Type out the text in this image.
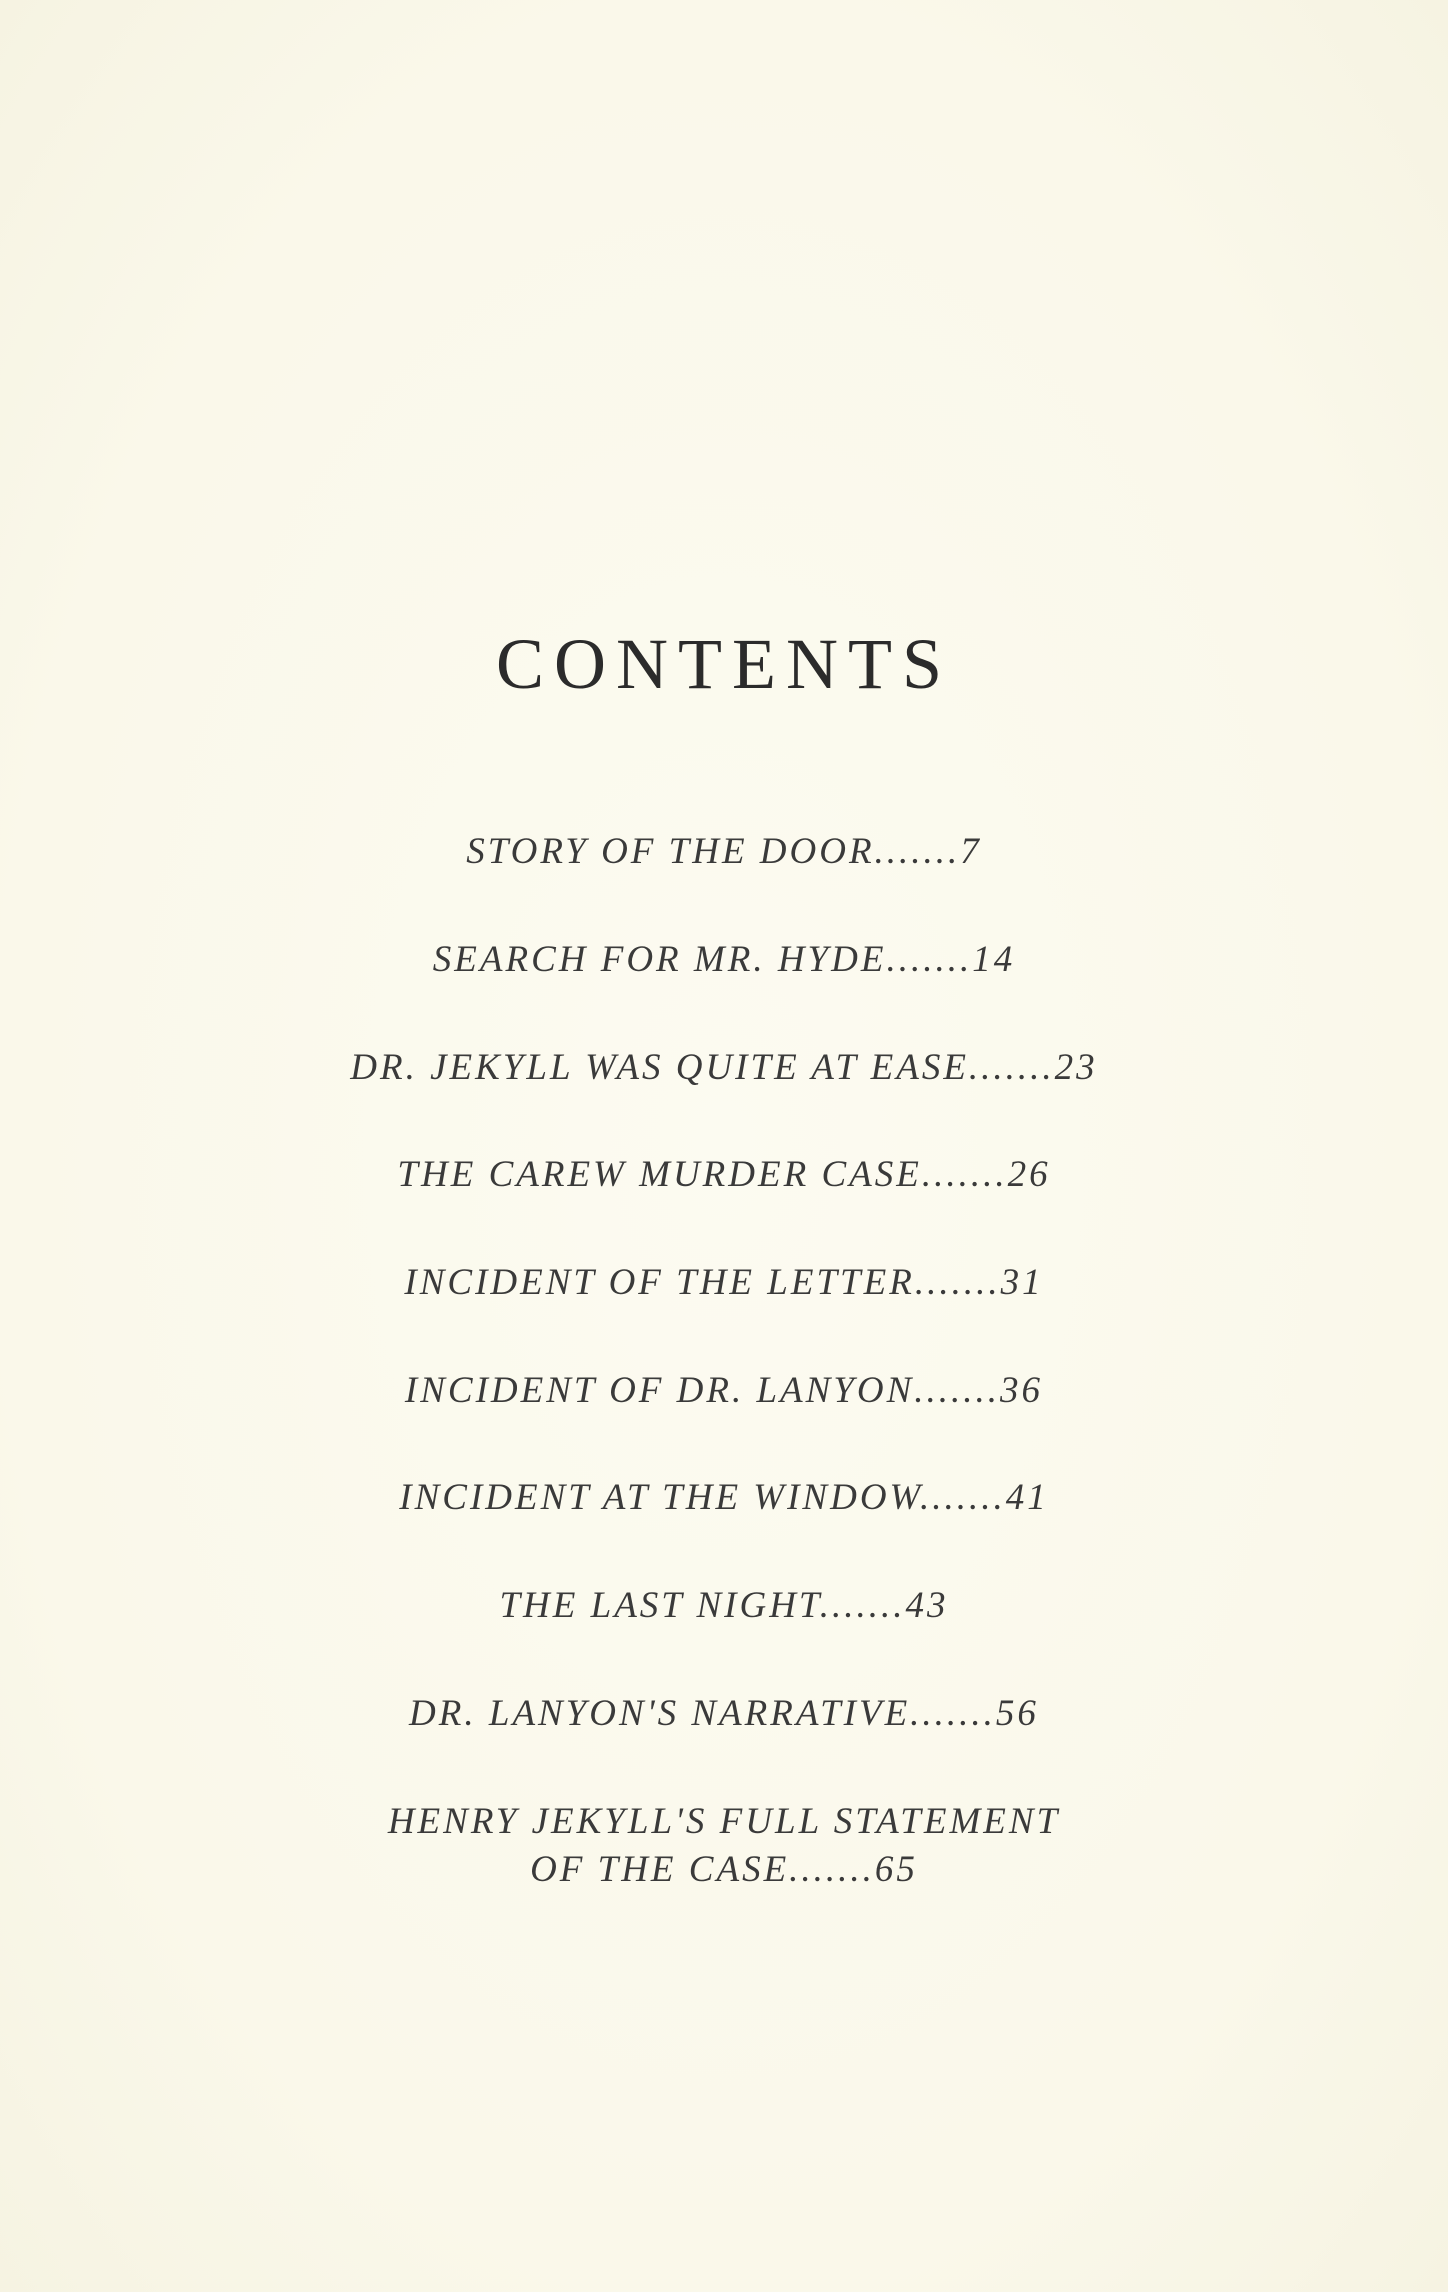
CONTENTS
STORY OF THE DOOR.......7
SEARCH FOR MR. HYDE.......14
DR. JEKYLL WAS QUITE AT EASE.......23
THE CAREW MURDER CASE.......26
INCIDENT OF THE LETTER.......31
INCIDENT OF DR. LANYON.......36
INCIDENT AT THE WINDOW.......41
THE LAST NIGHT.......43
DR. LANYON'S NARRATIVE.......56
HENRY JEKYLL'S FULL STATEMENT
OF THE CASE.......65
